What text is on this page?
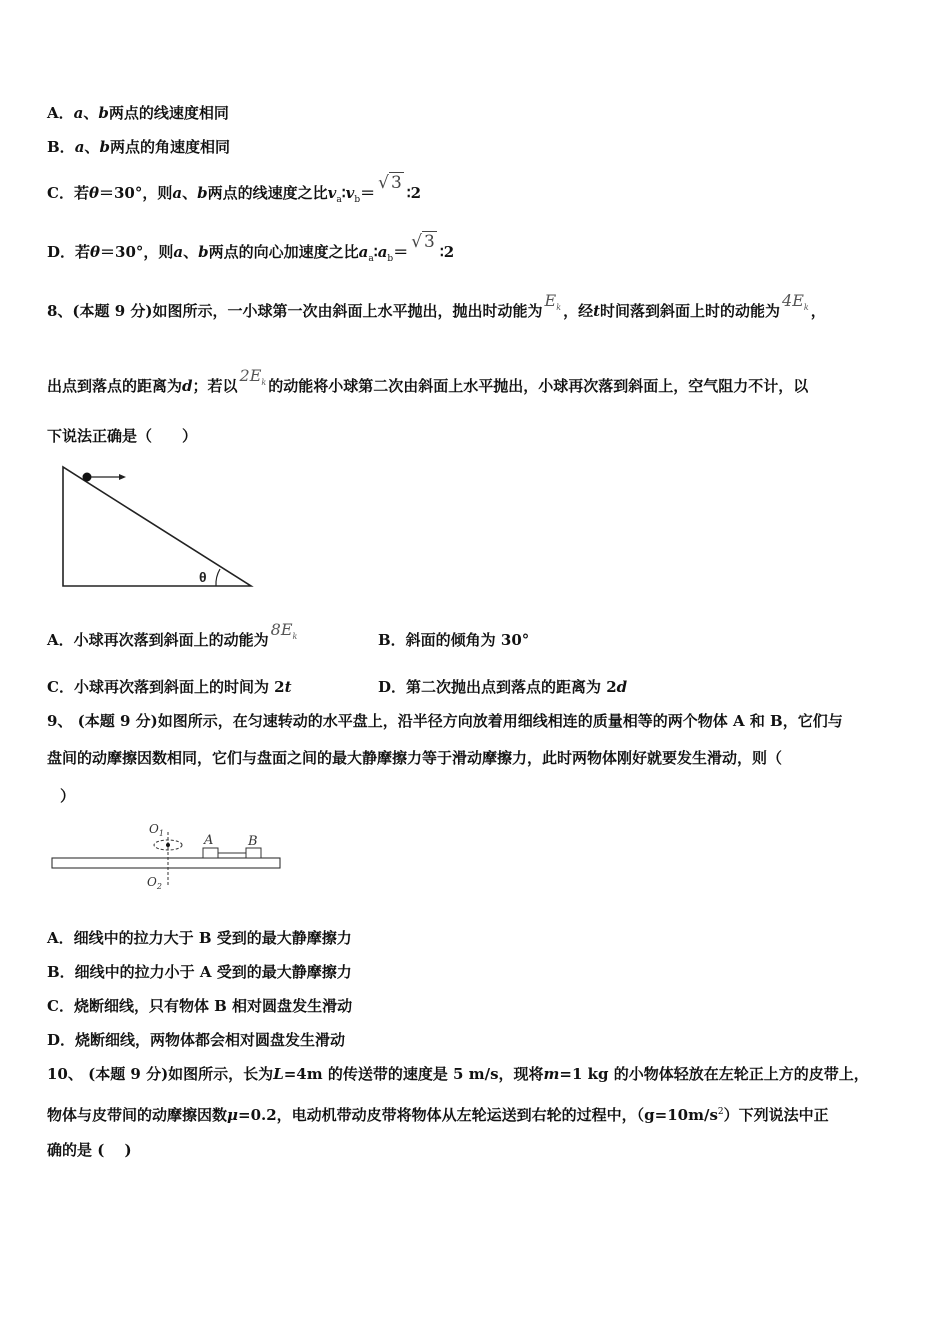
A．a、b两点的线速度相同
B．a、b两点的角速度相同
C．若θ＝30°，则a、b两点的线速度之比$v_a∶v_b=$ √ 3 ∶2
D．若θ＝30°，则a、b两点的向心加速度之比$a_a∶a_b=$ √ 3 ∶2
8、(本题 9 分)如图所示，一小球第一次由斜面上水平抛出，抛出时动能为$E_k$ ，经t时间落到斜面上时的动能为$4E_k$ ，
出点到落点的距离为d；若以$2E_k$ 的动能将小球第二次由斜面上水平抛出，小球再次落到斜面上，空气阻力不计，以
下说法正确是（　　）
θ
A．小球再次落到斜面上的动能为$8E_k$	B．斜面的倾角为 30°
C．小球再次落到斜面上的时间为 2t	D．第二次抛出点到落点的距离为 2d
9、 (本题 9 分)如图所示，在匀速转动的水平盘上，沿半径方向放着用细线相连的质量相等的两个物体 A 和 B，它们与
盘间的动摩擦因数相同，它们与盘面之间的最大静摩擦力等于滑动摩擦力，此时两物体刚好就要发生滑动，则（
）
$O_1$
$O_2$
A	B
A．细线中的拉力大于 B 受到的最大静摩擦力
B．细线中的拉力小于 A 受到的最大静摩擦力
C．烧断细线，只有物体 B 相对圆盘发生滑动
D．烧断细线，两物体都会相对圆盘发生滑动
10、 (本题 9 分)如图所示，长为L=4m 的传送带的速度是 5 m/s，现将m=1 kg 的小物体轻放在左轮正上方的皮带上，
物体与皮带间的动摩擦因数μ=0.2，电动机带动皮带将物体从左轮运送到右轮的过程中，$(g=10m/s^2)$下列说法中正
确的是 (　 )
